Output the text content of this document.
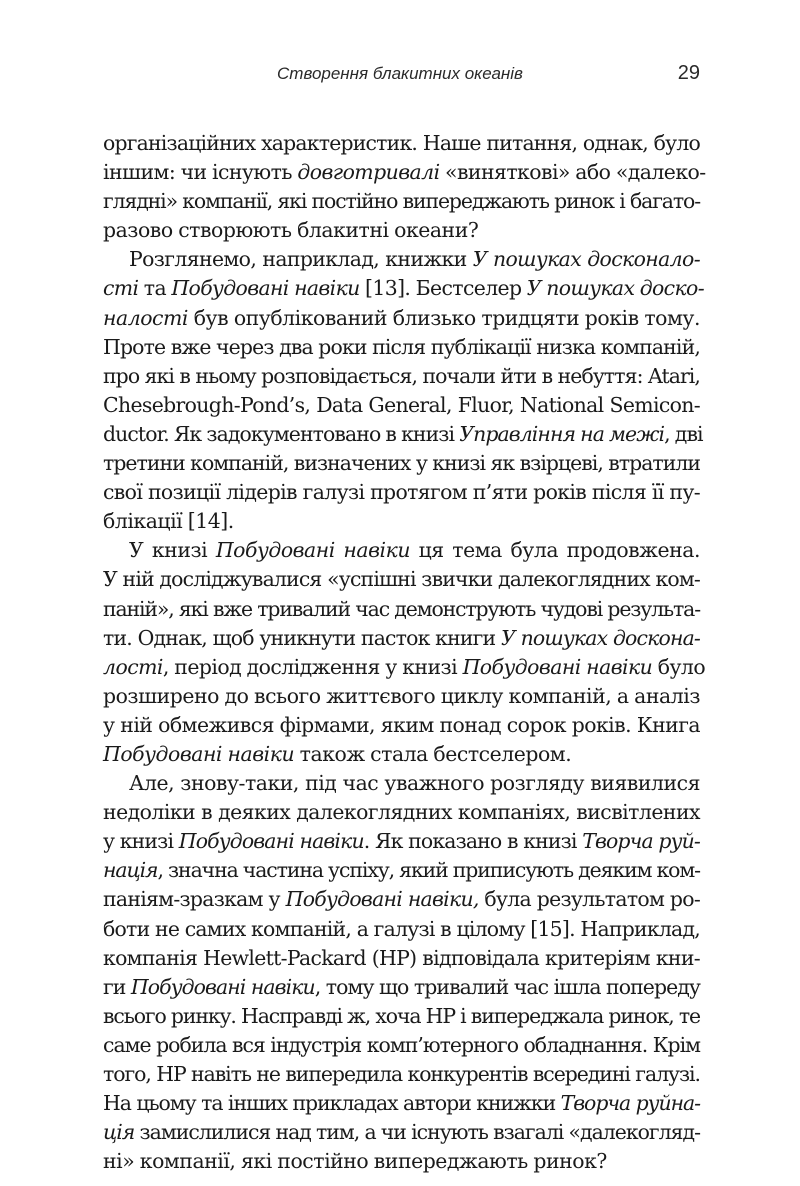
Створення блакитних океанів	29
організаційних характеристик. Наше питання, однак, було
іншим: чи існують довготривалі «виняткові» або «далеко-
глядні» компанії, які постійно випереджають ринок і багато-
разово створюють блакитні океани?
Розглянемо, наприклад, книжки У пошуках досконало-
сті та Побудовані навіки [13]. Бестселер У пошуках доско-
налості був опублікований близько тридцяти років тому.
Проте вже через два роки після публікації низка компаній,
про які в ньому розповідається, почали йти в небуття: Atari,
Chesebrough-Pond’s, Data General, Fluor, National Semicon-
ductor. Як задокументовано в книзі Управління на межі, дві
третини компаній, визначених у книзі як взірцеві, втратили
свої позиції лідерів галузі протягом п’яти років після її пу-
блікації [14].
У книзі Побудовані навіки ця тема була продовжена.
У ній досліджувалися «успішні звички далекоглядних ком-
паній», які вже тривалий час демонструють чудові результа-
ти. Однак, щоб уникнути пасток книги У пошуках доскона-
лості, період дослідження у книзі Побудовані навіки було
розширено до всього життєвого циклу компаній, а аналіз
у ній обмежився фірмами, яким понад сорок років. Книга
Побудовані навіки також стала бестселером.
Але, знову-таки, під час уважного розгляду виявилися
недоліки в деяких далекоглядних компаніях, висвітлених
у книзі Побудовані навіки. Як показано в книзі Творча руй-
нація, значна частина успіху, який приписують деяким ком-
паніям-зразкам у Побудовані навіки, була результатом ро-
боти не самих компаній, а галузі в цілому [15]. Наприклад,
компанія Hewlett-Packard (HP) відповідала критеріям кни-
ги Побудовані навіки, тому що тривалий час ішла попереду
всього ринку. Насправді ж, хоча HP і випереджала ринок, те
саме робила вся індустрія комп’ютерного обладнання. Крім
того, HP навіть не випередила конкурентів всередині галузі.
На цьому та інших прикладах автори книжки Творча руйна-
ція замислилися над тим, а чи існують взагалі «далекогляд-
ні» компанії, які постійно випереджають ринок?
